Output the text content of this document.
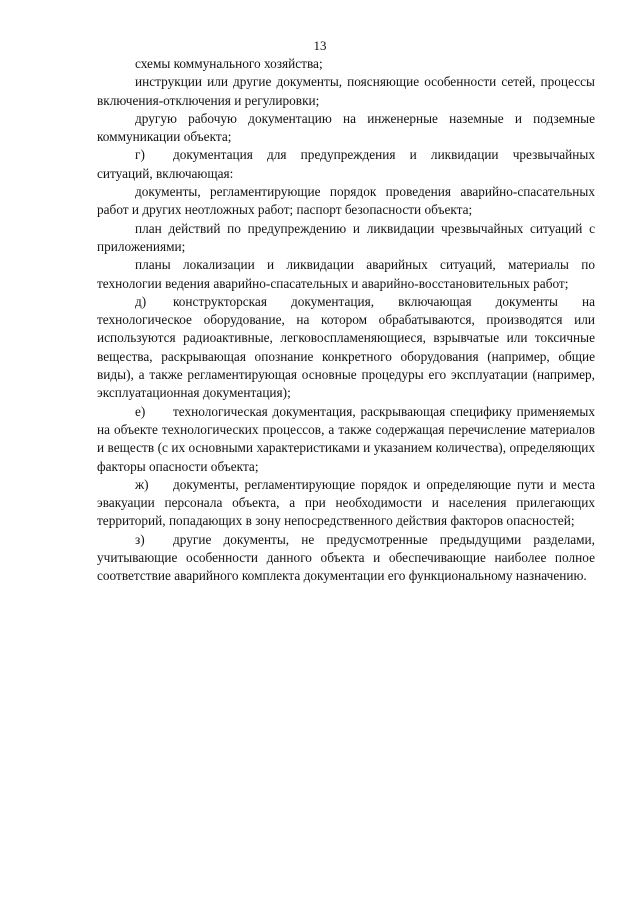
13

схемы коммунального хозяйства;

инструкции или другие документы, поясняющие особенности сетей, процессы включения-отключения и регулировки;

другую рабочую документацию на инженерные наземные и подземные коммуникации объекта;

г) документация для предупреждения и ликвидации чрезвычайных ситуаций, включающая:

документы, регламентирующие порядок проведения аварийно-спасательных работ и других неотложных работ; паспорт безопасности объекта;

план действий по предупреждению и ликвидации чрезвычайных ситуаций с приложениями;

планы локализации и ликвидации аварийных ситуаций, материалы по технологии ведения аварийно-спасательных и аварийно-восстановительных работ;

д) конструкторская документация, включающая документы на технологическое оборудование, на котором обрабатываются, производятся или используются радиоактивные, легковоспламеняющиеся, взрывчатые или токсичные вещества, раскрывающая опознание конкретного оборудования (например, общие виды), а также регламентирующая основные процедуры его эксплуатации (например, эксплуатационная документация);

е) технологическая документация, раскрывающая специфику применяемых на объекте технологических процессов, а также содержащая перечисление материалов и веществ (с их основными характеристиками и указанием количества), определяющих факторы опасности объекта;

ж) документы, регламентирующие порядок и определяющие пути и места эвакуации персонала объекта, а при необходимости и населения прилегающих территорий, попадающих в зону непосредственного действия факторов опасностей;

з) другие документы, не предусмотренные предыдущими разделами, учитывающие особенности данного объекта и обеспечивающие наиболее полное соответствие аварийного комплекта документации его функциональному назначению.
